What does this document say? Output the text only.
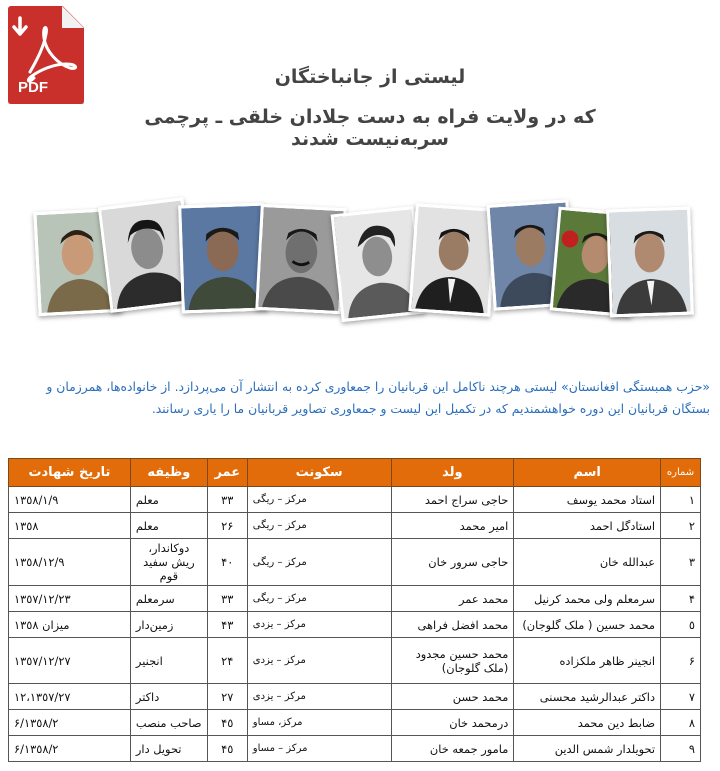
PDF	لیستی از جانباختگان
که در ولایت فراه به دست جلادان خلقی ـ پرچمی سربه‌نیست شدند
«حزب همبستگی افغانستان» لیستی هرچند ناکامل این قربانیان را جمعاوری کرده به انتشار آن می‌پردازد. از خانواده‌ها، همرزمان و بستگان قربانیان این دوره خواهشمندیم که در تکمیل این لیست و جمعاوری تصاویر قربانیان ما را یاری رسانند.
شماره	اسم	ولد	سکونت	عمر	وظیفه	تاریخ شهادت
١	استاد محمد یوسف	حاجی سراج احمد	مرکز – ریگی	٣٣	معلم	١٣٥٨/١/٩
٢	استادگل احمد	امیر محمد	مرکز – ریگی	٢۶	معلم	١٣٥٨
٣	عبدالله خان	حاجی سرور خان	مرکز – ریگی	۴٠	دوکاندار، ریش سفید قوم	١٣٥٨/١٢/٩
۴	سرمعلم ولی محمد کرنیل	محمد عمر	مرکز – ریگی	٣٣	سرمعلم	١٣٥٧/١٢/٢٣
٥	محمد حسین ( ملک گلوجان)	محمد افضل فراهی	مرکز – یزدی	۴٣	زمین‌دار	میزان ١٣٥٨
۶	انجینر ظاهر ملکزاده	محمد حسین مجدود (ملک گلوجان)	مرکز – یزدی	٢۴	انجنیر	١٣٥٧/١٢/٢٧
٧	داکتر عبدالرشید محسنی	محمد حسن	مرکز – یزدی	٢٧	داکتر	١٢،١٣٥٧/٢٧
٨	ضابط دین محمد	درمحمد خان	مرکز، مساو	۴٥	صاحب منصب	١٣٥٨/٢/۶
٩	تحویلدار شمس الدین	مامور جمعه خان	مرکز – مساو	۴٥	تحویل دار	١٣٥٨/٢/۶
